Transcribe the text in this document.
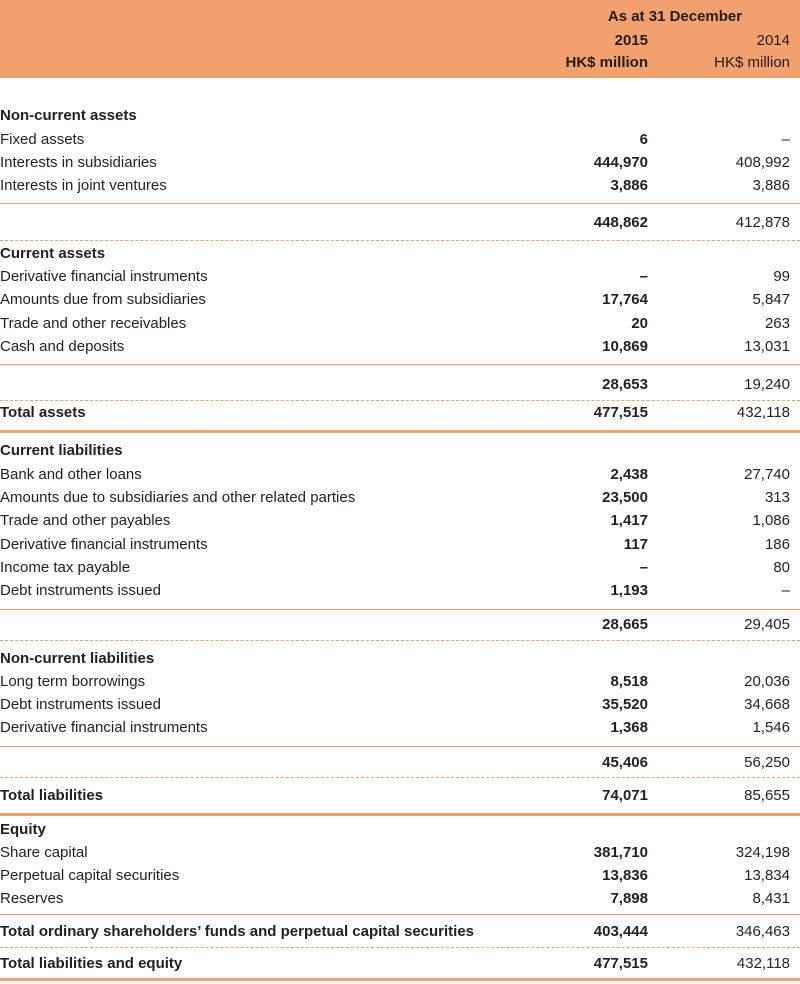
As at 31 December
2015	2014
HK$ million	HK$ million
Non-current assets
Fixed assets	6	–
Interests in subsidiaries	444,970	408,992
Interests in joint ventures	3,886	3,886
448,862	412,878
Current assets
Derivative financial instruments	–	99
Amounts due from subsidiaries	17,764	5,847
Trade and other receivables	20	263
Cash and deposits	10,869	13,031
28,653	19,240
Total assets	477,515	432,118
Current liabilities
Bank and other loans	2,438	27,740
Amounts due to subsidiaries and other related parties	23,500	313
Trade and other payables	1,417	1,086
Derivative financial instruments	117	186
Income tax payable	–	80
Debt instruments issued	1,193	–
28,665	29,405
Non-current liabilities
Long term borrowings	8,518	20,036
Debt instruments issued	35,520	34,668
Derivative financial instruments	1,368	1,546
45,406	56,250
Total liabilities	74,071	85,655
Equity
Share capital	381,710	324,198
Perpetual capital securities	13,836	13,834
Reserves	7,898	8,431
Total ordinary shareholders’ funds and perpetual capital securities	403,444	346,463
Total liabilities and equity	477,515	432,118
